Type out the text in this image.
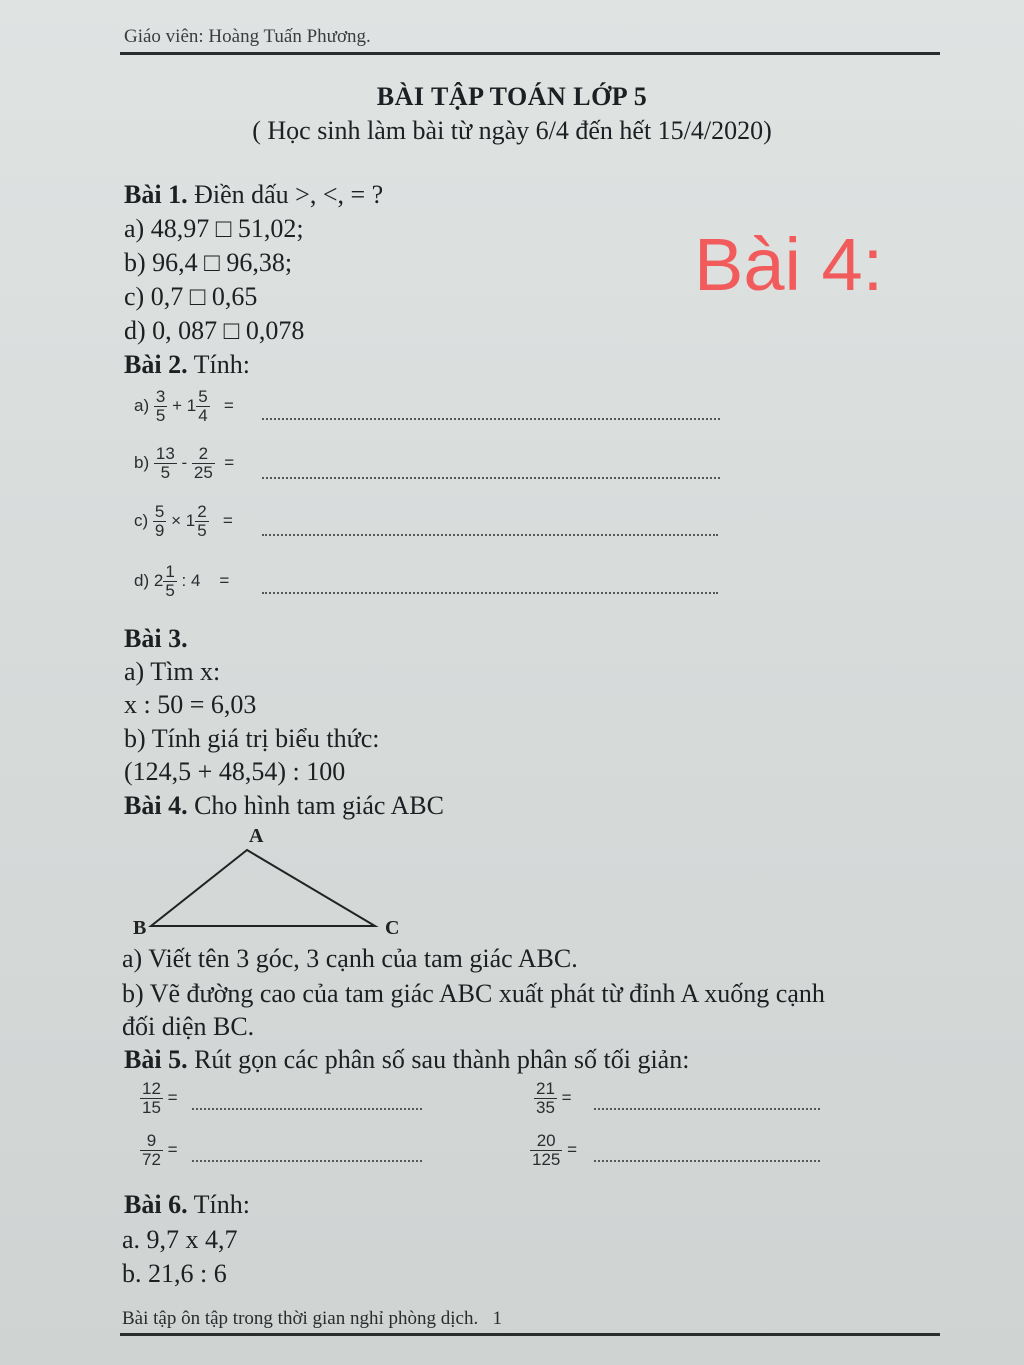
Giáo viên: Hoàng Tuấn Phương.
BÀI TẬP TOÁN LỚP 5
( Học sinh làm bài từ ngày 6/4 đến hết 15/4/2020)
Bài 4:
Bài 1. Điền dấu >, <, = ?
a) 48,97 □ 51,02;
b) 96,4 □ 96,38;
c) 0,7 □ 0,65
d) 0, 087 □ 0,078
Bài 2. Tính:
$a) \frac{3}{5} + 1 \frac{5}{4}$ =
$b) \frac{13}{5} - \frac{2}{25}$ =
$c) \frac{5}{9} \times 1 \frac{2}{5}$ =
d) $2 \frac{1}{5}$ : 4 =
Bài 3.
a) Tìm x:
x : 50 = 6,03
b) Tính giá trị biểu thức:
(124,5 + 48,54) : 100
Bài 4. Cho hình tam giác ABC
A
B	C
a) Viết tên 3 góc, 3 cạnh của tam giác ABC.
b) Vẽ đường cao của tam giác ABC xuất phát từ đỉnh A xuống cạnh
đối diện BC.
Bài 5. Rút gọn các phân số sau thành phân số tối giản:
$\frac{12}{15}$ =	$\frac{21}{35}$ =
$\frac{9}{72}$ =	$\frac{20}{125}$ =
Bài 6. Tính:
a. 9,7 x 4,7
b. 21,6 : 6
Bài tập ôn tập trong thời gian nghỉ phòng dịch. 1
